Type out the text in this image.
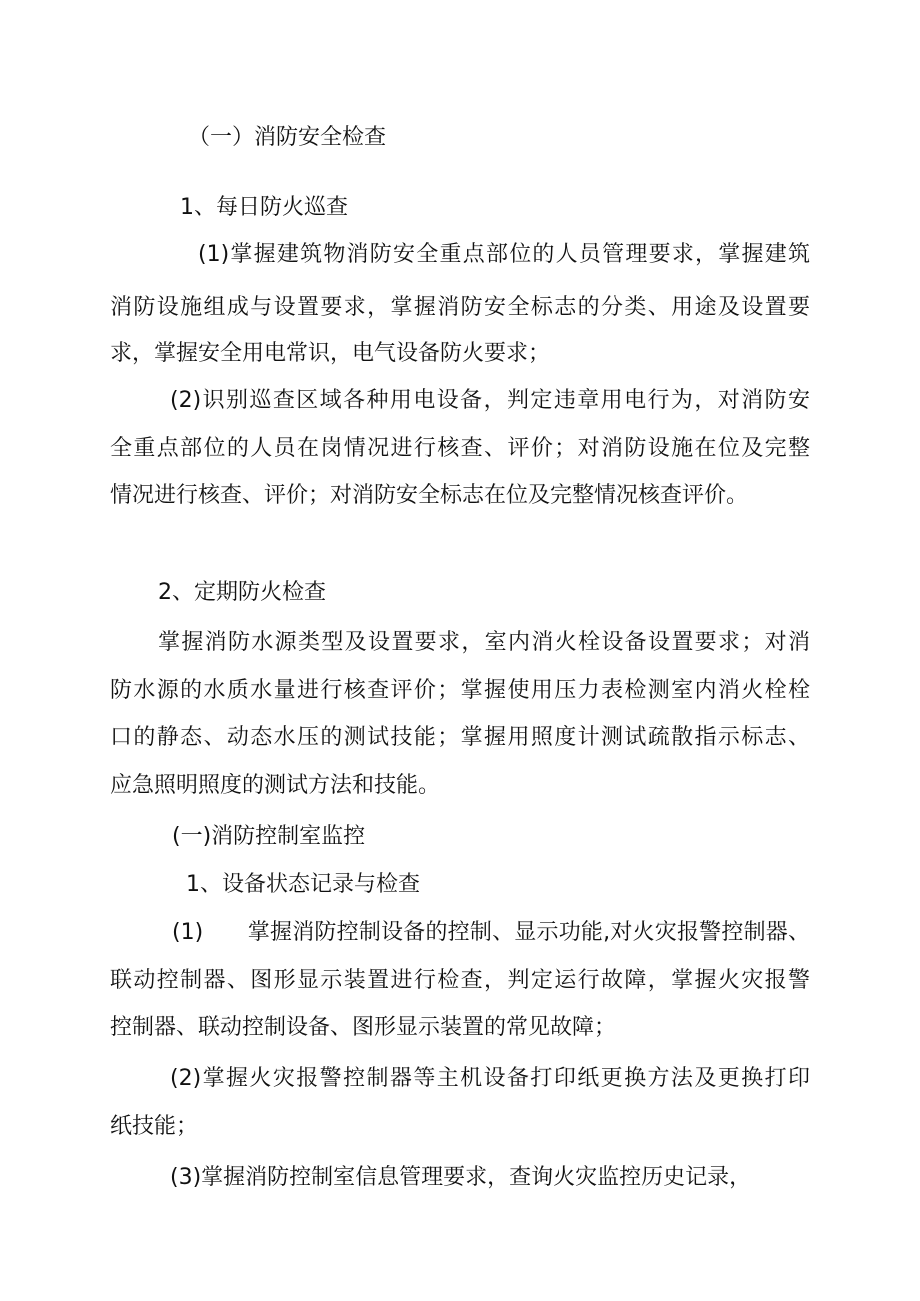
（一）消防安全检查
1、每日防火巡查
(1)掌握建筑物消防安全重点部位的人员管理要求，掌握建筑
消防设施组成与设置要求，掌握消防安全标志的分类、用途及设置要
求，掌握安全用电常识，电气设备防火要求；
(2)识别巡查区域各种用电设备，判定违章用电行为，对消防安
全重点部位的人员在岗情况进行核查、评价；对消防设施在位及完整
情况进行核查、评价；对消防安全标志在位及完整情况核查评价。
2、定期防火检查
掌握消防水源类型及设置要求，室内消火栓设备设置要求；对消
防水源的水质水量进行核查评价；掌握使用压力表检测室内消火栓栓
口的静态、动态水压的测试技能；掌握用照度计测试疏散指示标志、
应急照明照度的测试方法和技能。
(一)消防控制室监控
1、设备状态记录与检查
(1)　　掌握消防控制设备的控制、显示功能,对火灾报警控制器、
联动控制器、图形显示装置进行检查，判定运行故障，掌握火灾报警
控制器、联动控制设备、图形显示装置的常见故障；
(2)掌握火灾报警控制器等主机设备打印纸更换方法及更换打印
纸技能；
(3)掌握消防控制室信息管理要求，查询火灾监控历史记录，
